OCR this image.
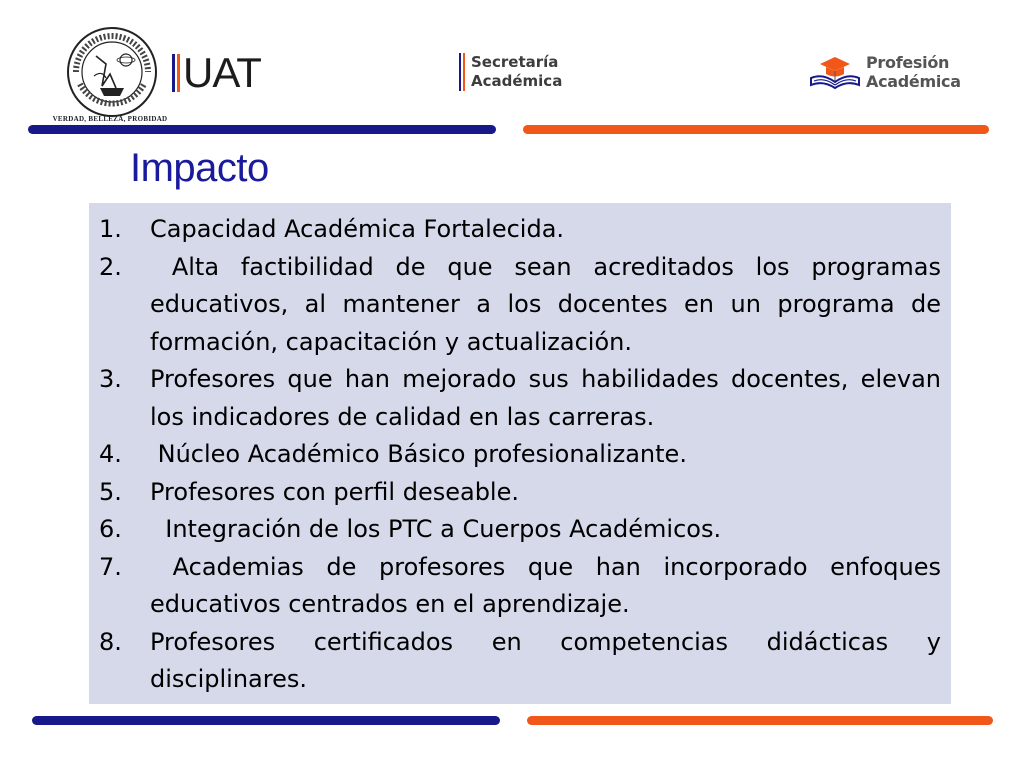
VERDAD, BELLEZA, PROBIDAD
UAT	Secretaría
Académica
Profesión
Académica
Impacto
1.	Capacidad Académica Fortalecida.
2.	Alta factibilidad de que sean acreditados los programas educativos, al mantener a los docentes en un programa de formación, capacitación y actualización.
3.	Profesores que han mejorado sus habilidades docentes, elevan los indicadores de calidad en las carreras.
4.	Núcleo Académico Básico profesionalizante.
5.	Profesores con perfil deseable.
6.	Integración de los PTC a Cuerpos Académicos.
7.	Academias de profesores que han incorporado enfoques educativos centrados en el aprendizaje.
8.	Profesores certificados en competencias didácticas y disciplinares.
